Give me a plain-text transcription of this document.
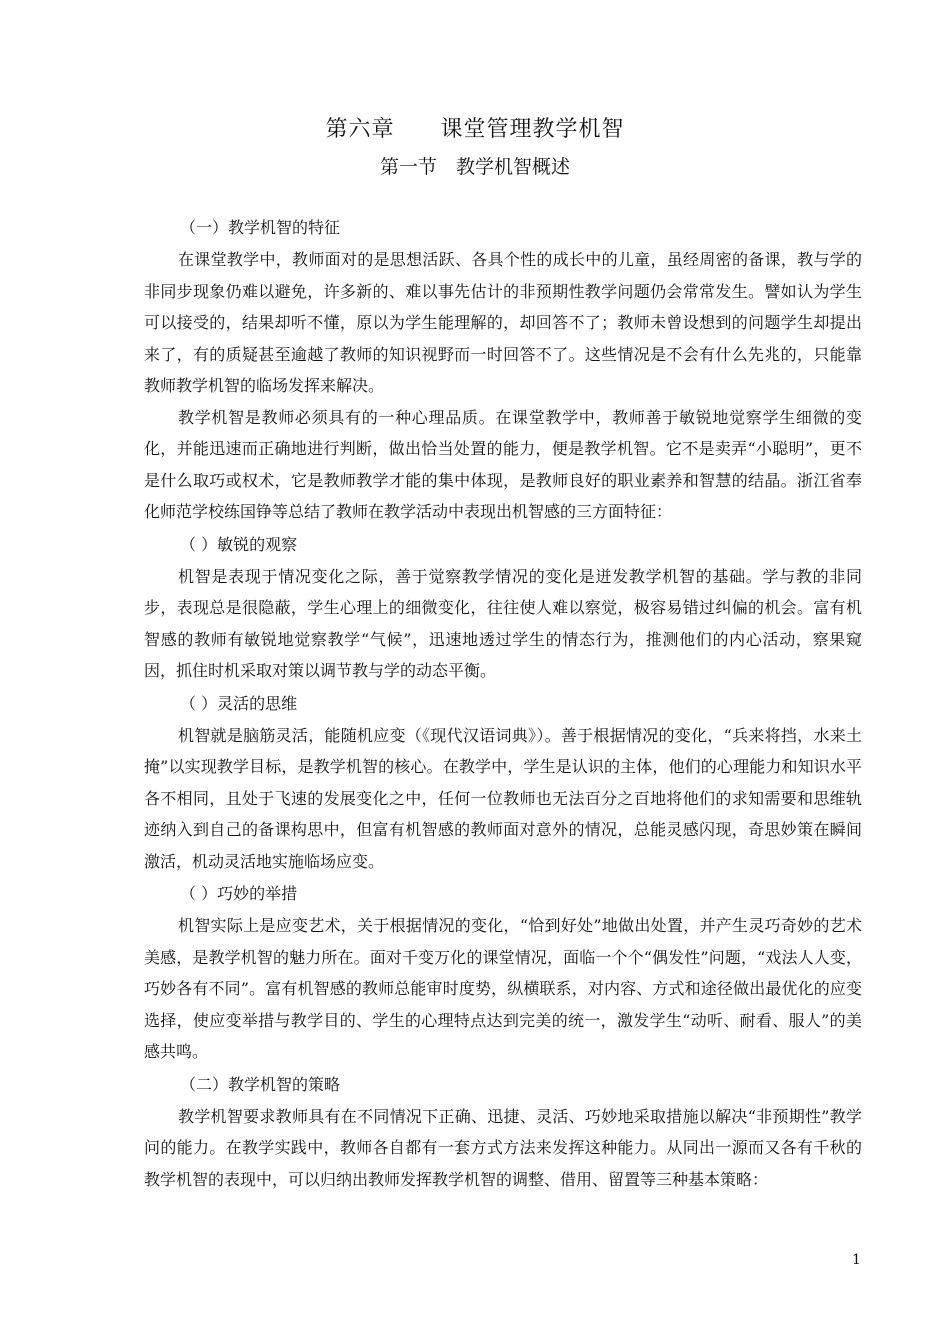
第六章　　课堂管理教学机智
第一节　教学机智概述

（一）教学机智的特征

在课堂教学中，教师面对的是思想活跃、各具个性的成长中的儿童，虽经周密的备课，教与学的非同步现象仍难以避免，许多新的、难以事先估计的非预期性教学问题仍会常常发生。譬如认为学生可以接受的，结果却听不懂，原以为学生能理解的，却回答不了；教师未曾设想到的问题学生却提出来了，有的质疑甚至逾越了教师的知识视野而一时回答不了。这些情况是不会有什么先兆的，只能靠教师教学机智的临场发挥来解决。

教学机智是教师必须具有的一种心理品质。在课堂教学中，教师善于敏锐地觉察学生细微的变化，并能迅速而正确地进行判断，做出恰当处置的能力，便是教学机智。它不是卖弄“小聪明”，更不是什么取巧或权术，它是教师教学才能的集中体现，是教师良好的职业素养和智慧的结晶。浙江省奉化师范学校练国铮等总结了教师在教学活动中表现出机智感的三方面特征：

（ ）敏锐的观察

机智是表现于情况变化之际，善于觉察教学情况的变化是迸发教学机智的基础。学与教的非同步，表现总是很隐蔽，学生心理上的细微变化，往往使人难以察觉，极容易错过纠偏的机会。富有机智感的教师有敏锐地觉察教学“气候”，迅速地透过学生的情态行为，推测他们的内心活动，察果窥因，抓住时机采取对策以调节教与学的动态平衡。

（ ）灵活的思维

机智就是脑筋灵活，能随机应变（《现代汉语词典》）。善于根据情况的变化，“兵来将挡，水来土掩”以实现教学目标，是教学机智的核心。在教学中，学生是认识的主体，他们的心理能力和知识水平各不相同，且处于飞速的发展变化之中，任何一位教师也无法百分之百地将他们的求知需要和思维轨迹纳入到自己的备课构思中，但富有机智感的教师面对意外的情况，总能灵感闪现，奇思妙策在瞬间激活，机动灵活地实施临场应变。

（ ）巧妙的举措

机智实际上是应变艺术，关于根据情况的变化，“恰到好处”地做出处置，并产生灵巧奇妙的艺术美感，是教学机智的魅力所在。面对千变万化的课堂情况，面临一个个“偶发性”问题，“戏法人人变，巧妙各有不同”。富有机智感的教师总能审时度势，纵横联系，对内容、方式和途径做出最优化的应变选择，使应变举措与教学目的、学生的心理特点达到完美的统一，激发学生“动听、耐看、服人”的美感共鸣。

（二）教学机智的策略

教学机智要求教师具有在不同情况下正确、迅捷、灵活、巧妙地采取措施以解决“非预期性”教学问的能力。在教学实践中，教师各自都有一套方式方法来发挥这种能力。从同出一源而又各有千秋的教学机智的表现中，可以归纳出教师发挥教学机智的调整、借用、留置等三种基本策略：

1
